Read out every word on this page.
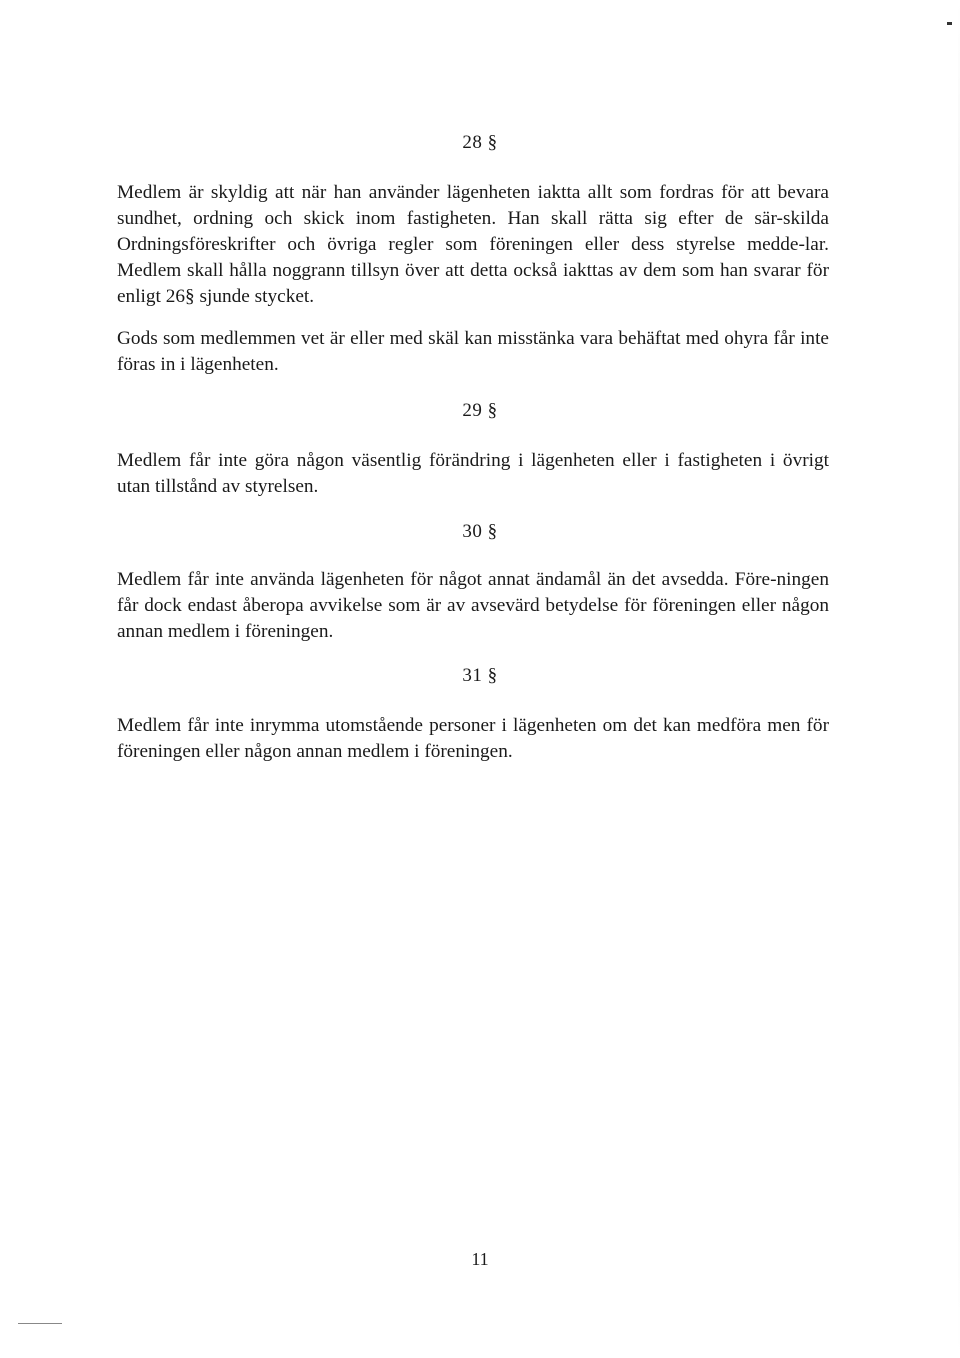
28 §

Medlem är skyldig att när han använder lägenheten iaktta allt som fordras för att bevara sundhet, ordning och skick inom fastigheten. Han skall rätta sig efter de sär-skilda Ordningsföreskrifter och övriga regler som föreningen eller dess styrelse medde-lar. Medlem skall hålla noggrann tillsyn över att detta också iakttas av dem som han svarar för enligt 26§ sjunde stycket.

Gods som medlemmen vet är eller med skäl kan misstänka vara behäftat med ohyra får inte föras in i lägenheten.

29 §

Medlem får inte göra någon väsentlig förändring i lägenheten eller i fastigheten i övrigt utan tillstånd av styrelsen.

30 §

Medlem får inte använda lägenheten för något annat ändamål än det avsedda. Före-ningen får dock endast åberopa avvikelse som är av avsevärd betydelse för föreningen eller någon annan medlem i föreningen.

31 §

Medlem får inte inrymma utomstående personer i lägenheten om det kan medföra men för föreningen eller någon annan medlem i föreningen.

11
